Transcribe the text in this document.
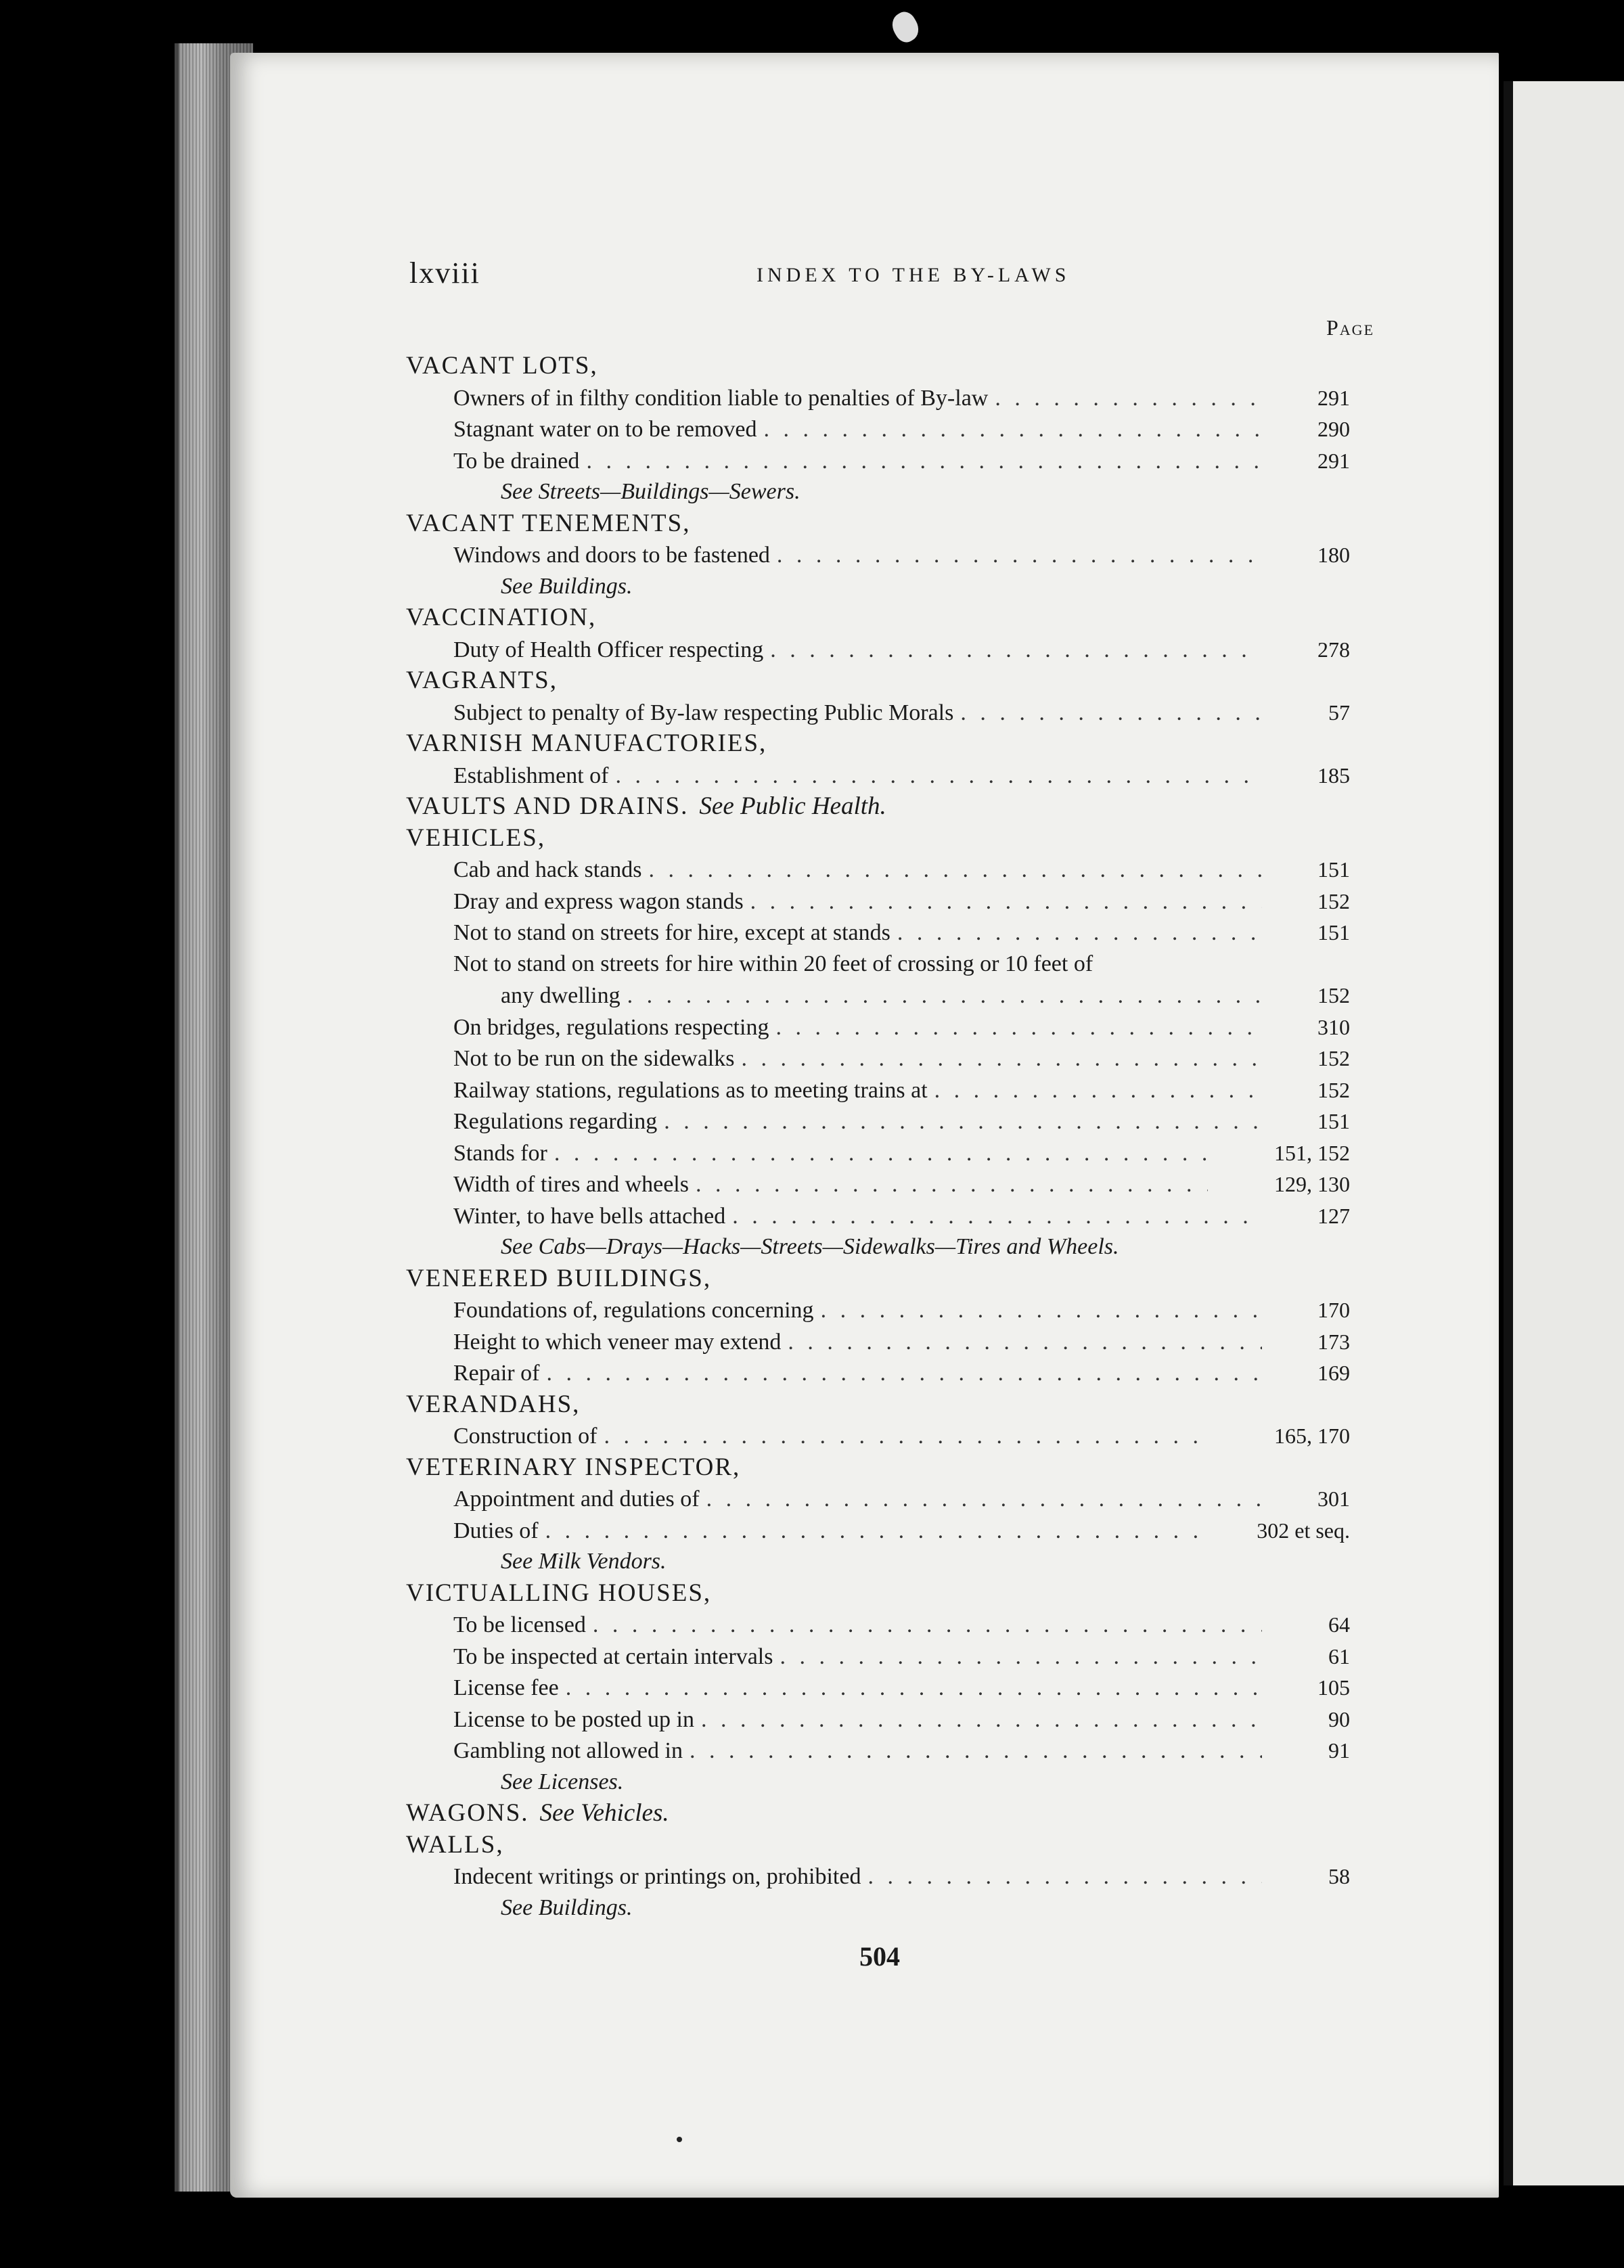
lxviii	INDEX TO THE BY-LAWS
Page
VACANT LOTS,
Owners of in filthy condition liable to penalties of By-law . . .	291
Stagnant water on to be removed . . .	290
To be drained . . .	291
See Streets—Buildings—Sewers.
VACANT TENEMENTS,
Windows and doors to be fastened . . .	180
See Buildings.
VACCINATION,
Duty of Health Officer respecting . . .	278
VAGRANTS,
Subject to penalty of By-law respecting Public Morals . . .	57
VARNISH MANUFACTORIES,
Establishment of . . .	185
VAULTS AND DRAINS. See Public Health.
VEHICLES,
Cab and hack stands . . .	151
Dray and express wagon stands . . .	152
Not to stand on streets for hire, except at stands . . .	151
Not to stand on streets for hire within 20 feet of crossing or 10 feet of
any dwelling . . .	152
On bridges, regulations respecting . . .	310
Not to be run on the sidewalks . . .	152
Railway stations, regulations as to meeting trains at . . .	152
Regulations regarding . . .	151
Stands for . . .	151, 152
Width of tires and wheels . . .	129, 130
Winter, to have bells attached . . .	127
See Cabs—Drays—Hacks—Streets—Sidewalks—Tires and Wheels.
VENEERED BUILDINGS,
Foundations of, regulations concerning . . .	170
Height to which veneer may extend . . .	173
Repair of . . .	169
VERANDAHS,
Construction of . . .	165, 170
VETERINARY INSPECTOR,
Appointment and duties of . . .	301
Duties of . . .	302 et seq.
See Milk Vendors.
VICTUALLING HOUSES,
To be licensed . . .	64
To be inspected at certain intervals . . .	61
License fee . . .	105
License to be posted up in . . .	90
Gambling not allowed in . . .	91
See Licenses.
WAGONS. See Vehicles.
WALLS,
Indecent writings or printings on, prohibited . . .	58
See Buildings.
504
